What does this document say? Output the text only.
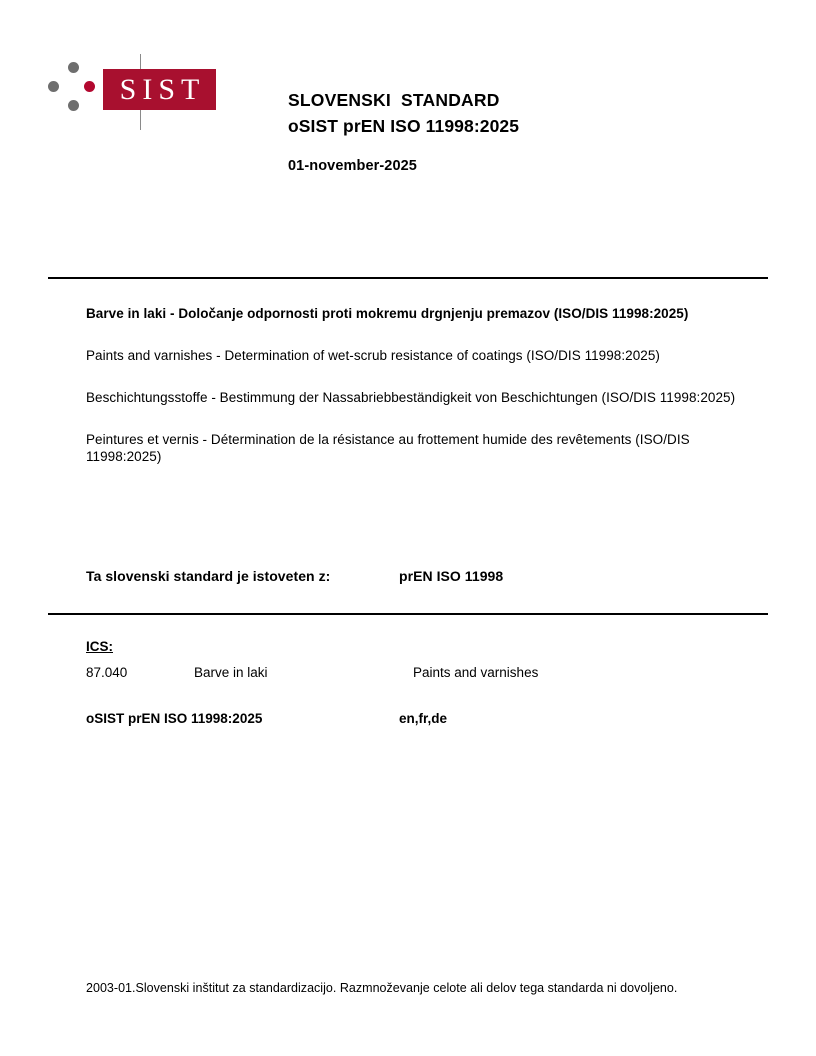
SIST	SLOVENSKI  STANDARD
oSIST prEN ISO 11998:2025
01-november-2025

Barve in laki - Določanje odpornosti proti mokremu drgnjenju premazov (ISO/DIS 11998:2025)

Paints and varnishes - Determination of wet-scrub resistance of coatings (ISO/DIS 11998:2025)

Beschichtungsstoffe - Bestimmung der Nassabriebbeständigkeit von Beschichtungen (ISO/DIS 11998:2025)

Peintures et vernis - Détermination de la résistance au frottement humide des revêtements (ISO/DIS 11998:2025)

Ta slovenski standard je istoveten z:	prEN ISO 11998
ICS:
87.040	Barve in laki	Paints and varnishes
oSIST prEN ISO 11998:2025	en,fr,de
2003-01.Slovenski inštitut za standardizacijo. Razmnoževanje celote ali delov tega standarda ni dovoljeno.
